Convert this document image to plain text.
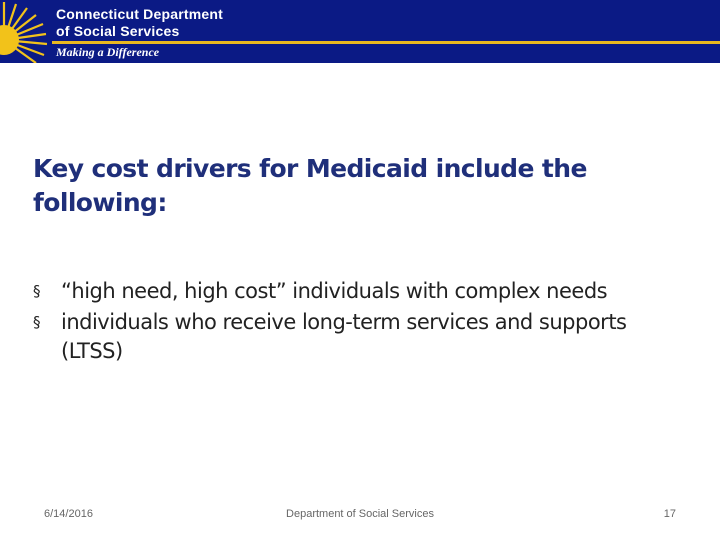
Connecticut Department
of Social Services
Making a Difference
Key cost drivers for Medicaid include the following:
§ “high need, high cost” individuals with complex needs
§ individuals who receive long-term services and supports (LTSS)
6/14/2016	Department of Social Services	17
